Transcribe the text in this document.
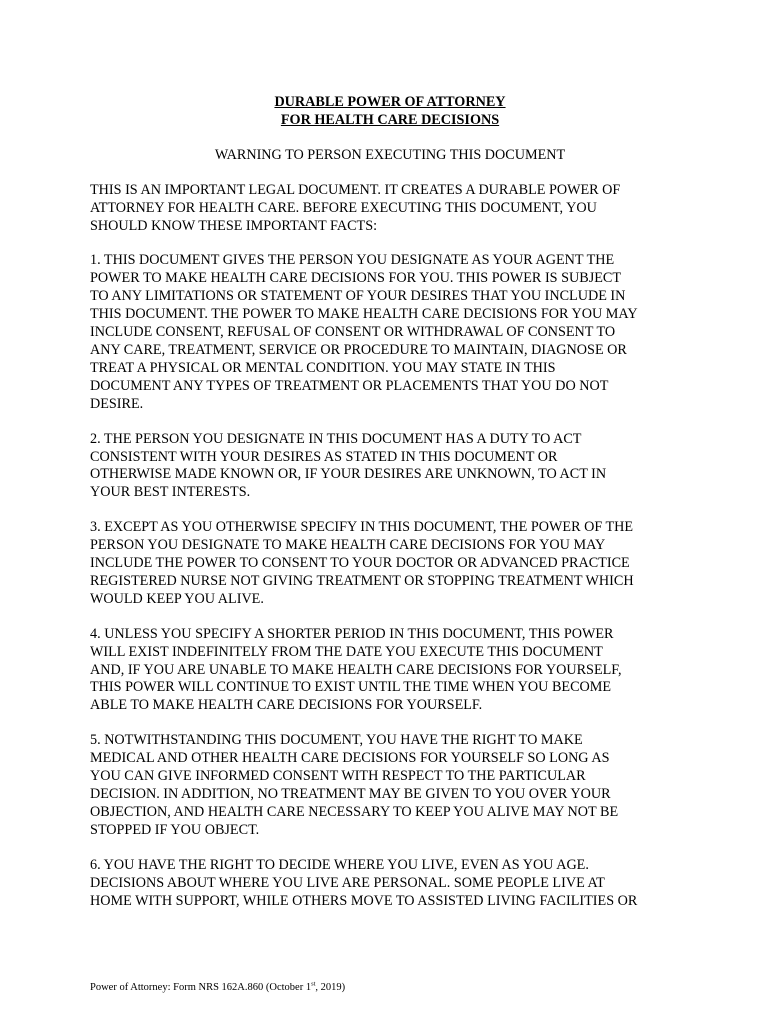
DURABLE POWER OF ATTORNEY
FOR HEALTH CARE DECISIONS

WARNING TO PERSON EXECUTING THIS DOCUMENT

THIS IS AN IMPORTANT LEGAL DOCUMENT. IT CREATES A DURABLE POWER OF
ATTORNEY FOR HEALTH CARE. BEFORE EXECUTING THIS DOCUMENT, YOU
SHOULD KNOW THESE IMPORTANT FACTS:

1. THIS DOCUMENT GIVES THE PERSON YOU DESIGNATE AS YOUR AGENT THE
POWER TO MAKE HEALTH CARE DECISIONS FOR YOU. THIS POWER IS SUBJECT
TO ANY LIMITATIONS OR STATEMENT OF YOUR DESIRES THAT YOU INCLUDE IN
THIS DOCUMENT. THE POWER TO MAKE HEALTH CARE DECISIONS FOR YOU MAY
INCLUDE CONSENT, REFUSAL OF CONSENT OR WITHDRAWAL OF CONSENT TO
ANY CARE, TREATMENT, SERVICE OR PROCEDURE TO MAINTAIN, DIAGNOSE OR
TREAT A PHYSICAL OR MENTAL CONDITION. YOU MAY STATE IN THIS
DOCUMENT ANY TYPES OF TREATMENT OR PLACEMENTS THAT YOU DO NOT
DESIRE.

2. THE PERSON YOU DESIGNATE IN THIS DOCUMENT HAS A DUTY TO ACT
CONSISTENT WITH YOUR DESIRES AS STATED IN THIS DOCUMENT OR
OTHERWISE MADE KNOWN OR, IF YOUR DESIRES ARE UNKNOWN, TO ACT IN
YOUR BEST INTERESTS.

3. EXCEPT AS YOU OTHERWISE SPECIFY IN THIS DOCUMENT, THE POWER OF THE
PERSON YOU DESIGNATE TO MAKE HEALTH CARE DECISIONS FOR YOU MAY
INCLUDE THE POWER TO CONSENT TO YOUR DOCTOR OR ADVANCED PRACTICE
REGISTERED NURSE NOT GIVING TREATMENT OR STOPPING TREATMENT WHICH
WOULD KEEP YOU ALIVE.

4. UNLESS YOU SPECIFY A SHORTER PERIOD IN THIS DOCUMENT, THIS POWER
WILL EXIST INDEFINITELY FROM THE DATE YOU EXECUTE THIS DOCUMENT
AND, IF YOU ARE UNABLE TO MAKE HEALTH CARE DECISIONS FOR YOURSELF,
THIS POWER WILL CONTINUE TO EXIST UNTIL THE TIME WHEN YOU BECOME
ABLE TO MAKE HEALTH CARE DECISIONS FOR YOURSELF.

5. NOTWITHSTANDING THIS DOCUMENT, YOU HAVE THE RIGHT TO MAKE
MEDICAL AND OTHER HEALTH CARE DECISIONS FOR YOURSELF SO LONG AS
YOU CAN GIVE INFORMED CONSENT WITH RESPECT TO THE PARTICULAR
DECISION. IN ADDITION, NO TREATMENT MAY BE GIVEN TO YOU OVER YOUR
OBJECTION, AND HEALTH CARE NECESSARY TO KEEP YOU ALIVE MAY NOT BE
STOPPED IF YOU OBJECT.

6. YOU HAVE THE RIGHT TO DECIDE WHERE YOU LIVE, EVEN AS YOU AGE.
DECISIONS ABOUT WHERE YOU LIVE ARE PERSONAL. SOME PEOPLE LIVE AT
HOME WITH SUPPORT, WHILE OTHERS MOVE TO ASSISTED LIVING FACILITIES OR

Power of Attorney: Form NRS 162A.860 (October 1st, 2019)
